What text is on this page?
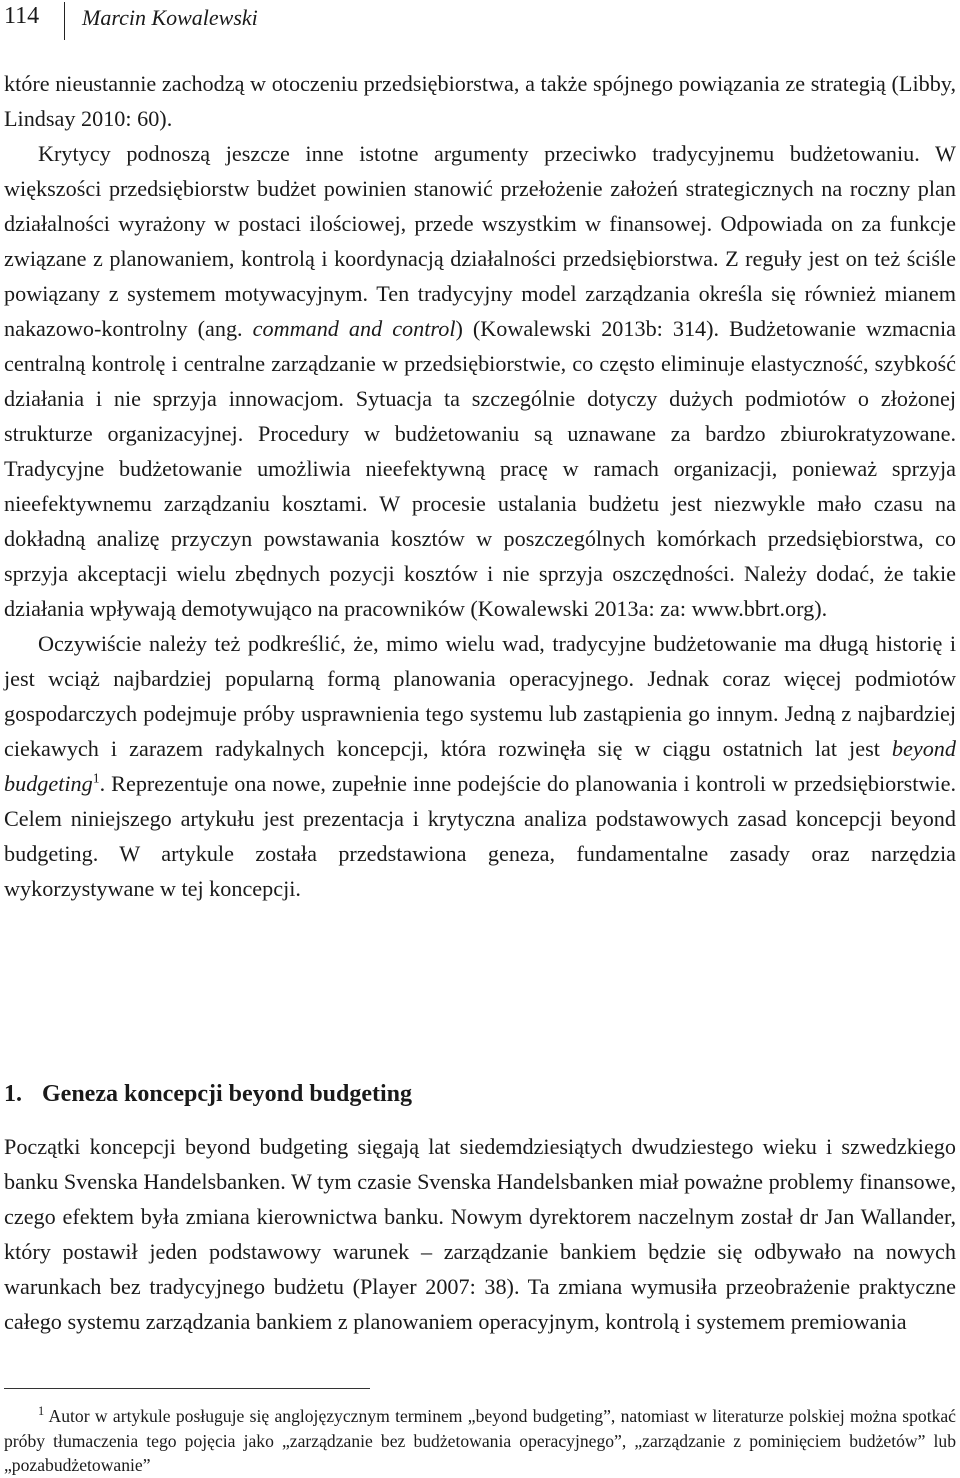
114 Marcin Kowalewski

które nieustannie zachodzą w otoczeniu przedsiębiorstwa, a także spójnego powiązania ze strategią (Libby, Lindsay 2010: 60).

Krytycy podnoszą jeszcze inne istotne argumenty przeciwko tradycyjnemu budżetowaniu. W większości przedsiębiorstw budżet powinien stanowić przełożenie założeń strategicznych na roczny plan działalności wyrażony w postaci ilościowej, przede wszystkim w finansowej. Odpowiada on za funkcje związane z planowaniem, kontrolą i koordynacją działalności przedsiębiorstwa. Z reguły jest on też ściśle powiązany z systemem motywacyjnym. Ten tradycyjny model zarządzania określa się również mianem nakazowo-kontrolny (ang. command and control) (Kowalewski 2013b: 314). Budżetowanie wzmacnia centralną kontrolę i centralne zarządzanie w przedsiębiorstwie, co często eliminuje elastyczność, szybkość działania i nie sprzyja innowacjom. Sytuacja ta szczególnie dotyczy dużych podmiotów o złożonej strukturze organizacyjnej. Procedury w budżetowaniu są uznawane za bardzo zbiurokratyzowane. Tradycyjne budżetowanie umożliwia nieefektywną pracę w ramach organizacji, ponieważ sprzyja nieefektywnemu zarządzaniu kosztami. W procesie ustalania budżetu jest niezwykle mało czasu na dokładną analizę przyczyn powstawania kosztów w poszczególnych komórkach przedsiębiorstwa, co sprzyja akceptacji wielu zbędnych pozycji kosztów i nie sprzyja oszczędności. Należy dodać, że takie działania wpływają demotywująco na pracowników (Kowalewski 2013a: za: www.bbrt.org).

Oczywiście należy też podkreślić, że, mimo wielu wad, tradycyjne budżetowanie ma długą historię i jest wciąż najbardziej popularną formą planowania operacyjnego. Jednak coraz więcej podmiotów gospodarczych podejmuje próby usprawnienia tego systemu lub zastąpienia go innym. Jedną z najbardziej ciekawych i zarazem radykalnych koncepcji, która rozwinęła się w ciągu ostatnich lat jest beyond budgeting$^1$. Reprezentuje ona nowe, zupełnie inne podejście do planowania i kontroli w przedsiębiorstwie. Celem niniejszego artykułu jest prezentacja i krytyczna analiza podstawowych zasad koncepcji beyond budgeting. W artykule została przedstawiona geneza, fundamentalne zasady oraz narzędzia wykorzystywane w tej koncepcji.

1. Geneza koncepcji beyond budgeting

Początki koncepcji beyond budgeting sięgają lat siedemdziesiątych dwudziestego wieku i szwedzkiego banku Svenska Handelsbanken. W tym czasie Svenska Handelsbanken miał poważne problemy finansowe, czego efektem była zmiana kierownictwa banku. Nowym dyrektorem naczelnym został dr Jan Wallander, który postawił jeden podstawowy warunek – zarządzanie bankiem będzie się odbywało na nowych warunkach bez tradycyjnego budżetu (Player 2007: 38). Ta zmiana wymusiła przeobrażenie praktyczne całego systemu zarządzania bankiem z planowaniem operacyjnym, kontrolą i systemem premiowania

$^1$ Autor w artykule posługuje się anglojęzycznym terminem „beyond budgeting”, natomiast w literaturze polskiej można spotkać próby tłumaczenia tego pojęcia jako „zarządzanie bez budżetowania operacyjnego”, „zarządzanie z pominięciem budżetów” lub „pozabudżetowanie”
